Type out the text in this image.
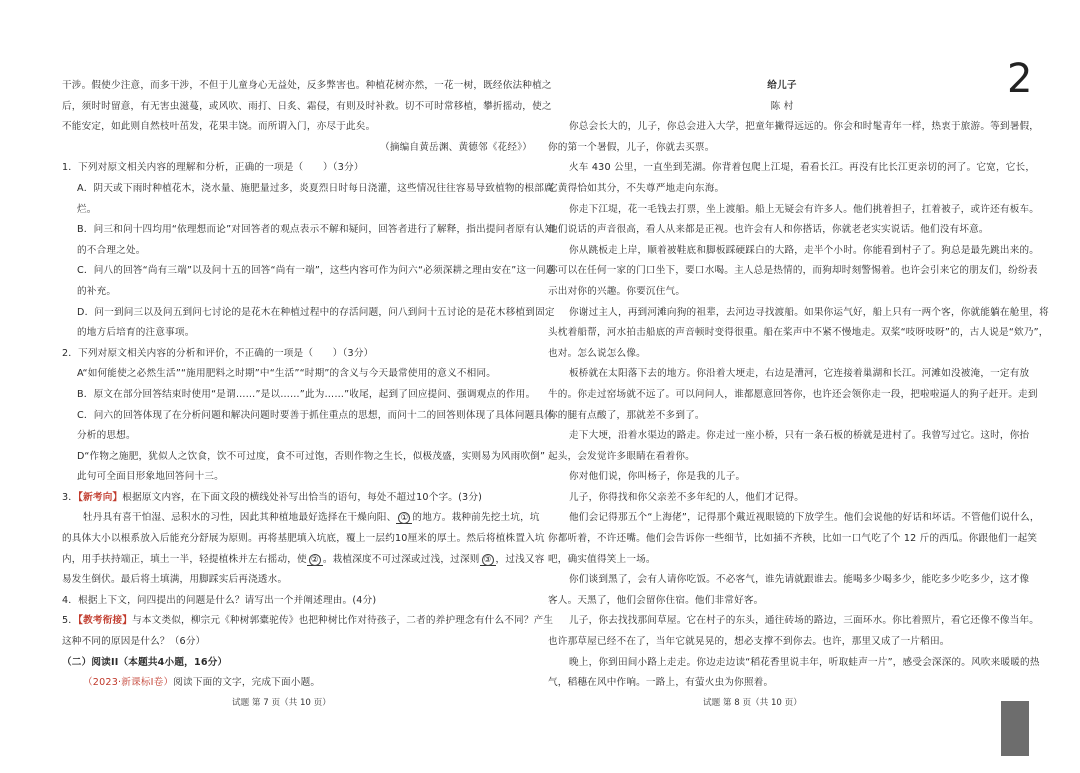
干涉。假使少注意，而多干涉，不但于儿童身心无益处，反多弊害也。种植花树亦然，一花一树，既经依法种植之

后，须时时留意，有无害虫滋蔓，或风吹、雨打、日炙、霜侵，有则及时补救。切不可时常移植，攀折摇动，使之

不能安定，如此则自然枝叶茁发，花果丰饶。而所谓入门，亦尽于此矣。

（摘编自黄岳渊、黄德邻《花经》）

1．下列对原文相关内容的理解和分析，正确的一项是（　　）（3分）

A．阴天或下雨时种植花木，浇水量、施肥量过多，炎夏烈日时每日浇灌，这些情况往往容易导致植物的根部腐

烂。

B．问三和问十四均用“依理想而论”对回答者的观点表示不解和疑问，回答者进行了解释，指出提问者原有认知

的不合理之处。

C．问八的回答“尚有三端”以及问十五的回答“尚有一端”，这些内容可作为问六“必须深耕之理由安在”这一问题

的补充。

D．问一到问三以及问五到问七讨论的是花木在种植过程中的存活问题，问八到问十五讨论的是花木移植到固定

的地方后培育的注意事项。

2．下列对原文相关内容的分析和评价，不正确的一项是（　　）（3分）

A“如何能使之必然生活”“施用肥料之时期”中“生活”“时期”的含义与今天最常使用的意义不相同。

B．原文在部分回答结束时使用“是谓……”是以……”此为……”收尾，起到了回应提问、强调观点的作用。

C．问六的回答体现了在分析问题和解决问题时要善于抓住重点的思想，而问十二的回答则体现了具体问题具体

分析的思想。

D“作物之施肥，犹似人之饮食，饮不可过度，食不可过饱，否则作物之生长，似极茂盛，实则易为风雨吹倒”

此句可全面目形象地回答问十三。

3．【新考向】根据原文内容，在下面文段的横线处补写出恰当的语句，每处不超过10个字。(3分)

牡丹具有喜干怕湿、忌积水的习性，因此其种植地最好选择在干燥向阳、 ① 的地方。栽种前先挖土坑，坑

的具体大小以根系放入后能充分舒展为原则。再将基肥填入坑底，覆上一层约10厘米的厚土。然后将植株置入坑

内，用手扶持端正，填土一半，轻提植株并左右摇动，使 ② 。栽植深度不可过深或过浅，过深则 ③ ，过浅又容

易发生倒伏。最后将土填满，用脚踩实后再浇透水。

4．根据上下文，问四提出的问题是什么？请写出一个并阐述理由。(4分)

5．【教考衔接】与本文类似，柳宗元《种树郭橐驼传》也把种树比作对待孩子，二者的养护理念有什么不同？产生

这种不同的原因是什么？（6分）

（二）阅读II（本题共4小题，16分）

（2023·新课标I卷）阅读下面的文字，完成下面小题。

试题 第 7 页（共 10 页）

给儿子

陈 村

你总会长大的，儿子，你总会进入大学，把童年撇得远远的。你会和时髦青年一样，热衷于旅游。等到暑假，

你的第一个暑假，儿子，你就去买票。

火车 430 公里，一直坐到芜湖。你背着包爬上江堤，看看长江。再没有比长江更亲切的河了。它宽，它长，

它黄得恰如其分，不失尊严地走向东海。

你走下江堤，花一毛钱去打票，坐上渡船。船上无疑会有许多人。他们挑着担子，扛着被子，或许还有板车。

他们说话的声音很高，看人从来都是正视。也许会有人和你搭话，你就老老实实说话。他们没有坏意。

你从跳板走上岸，顺着被鞋底和脚板踩硬踩白的大路，走半个小时。你能看到村子了。狗总是最先跳出来的。

你可以在任何一家的门口坐下，要口水喝。主人总是热情的，而狗却时刻警惕着。也许会引来它的朋友们，纷纷表

示出对你的兴趣。你要沉住气。

你谢过主人，再到河滩向狗的祖辈，去河边寻找渡船。如果你运气好，船上只有一两个客，你就能躺在舱里，将

头枕着船帮，河水拍击船底的声音顿时变得很重。船在桨声中不紧不慢地走。双桨“吱呀吱呀”的，古人说是“欸乃”，

也对。怎么说怎么像。

板桥就在太阳落下去的地方。你沿着大埂走，右边是漕河，它连接着巢湖和长江。河滩如没被淹，一定有放

牛的。你走过窑场就不远了。可以问问人，谁都愿意回答你，也许还会领你走一段，把啦啦逼人的狗子赶开。走到

你的腿有点酸了，那就差不多到了。

走下大埂，沿着水渠边的路走。你走过一座小桥，只有一条石板的桥就是进村了。我曾写过它。这时，你抬

起头，会发觉许多眼睛在看着你。

你对他们说，你叫杨子，你是我的儿子。

儿子，你得找和你父亲差不多年纪的人，他们才记得。

他们会记得那五个“上海佬”，记得那个戴近视眼镜的下放学生。他们会说他的好话和坏话。不管他们说什么，

你都听着，不许还嘴。他们会告诉你一些细节，比如插不齐秧，比如一口气吃了个 12 斤的西瓜。你跟他们一起笑

吧，确实值得笑上一场。

你们谈到黑了，会有人请你吃饭。不必客气，谁先请就跟谁去。能喝多少喝多少，能吃多少吃多少，这才像

客人。天黑了，他们会留你住宿。他们非常好客。

儿子，你去找找那间草屋。它在村子的东头，通往砖场的路边，三面环水。你比着照片，看它还像不像当年。

也许那草屋已经不在了，当年它就晃晃的，想必支撑不到你去。也许，那里又成了一片稻田。

晚上，你到田间小路上走走。你边走边读“稻花香里说丰年，听取蛙声一片”，感受会深深的。风吹来暖暖的热

气，稻穗在风中作响。一路上，有萤火虫为你照着。

试题 第 8 页（共 10 页）
2
